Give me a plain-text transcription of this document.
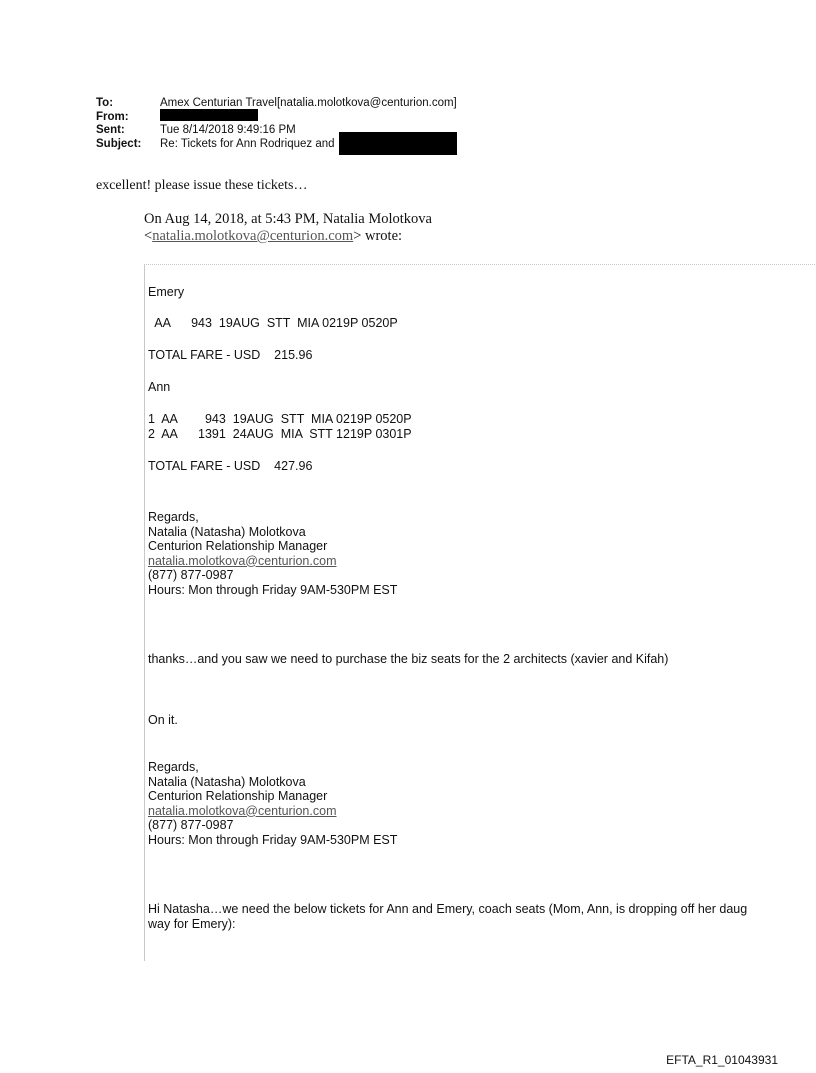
To:	Amex Centurian Travel[natalia.molotkova@centurion.com]
From:
Sent:	Tue 8/14/2018 9:49:16 PM
Subject:	Re: Tickets for Ann Rodriquez and
excellent! please issue these tickets…
On Aug 14, 2018, at 5:43 PM, Natalia Molotkova
<natalia.molotkova@centurion.com> wrote:
Emery
AA      943  19AUG  STT  MIA 0219P 0520P
TOTAL FARE - USD    215.96
Ann
1  AA        943  19AUG  STT  MIA 0219P 0520P
2  AA      1391  24AUG  MIA  STT 1219P 0301P
TOTAL FARE - USD    427.96
Regards,
Natalia (Natasha) Molotkova
Centurion Relationship Manager
natalia.molotkova@centurion.com
(877) 877-0987
Hours: Mon through Friday 9AM-530PM EST
thanks…and you saw we need to purchase the biz seats for the 2 architects (xavier and Kifah)
On it.
Regards,
Natalia (Natasha) Molotkova
Centurion Relationship Manager
natalia.molotkova@centurion.com
(877) 877-0987
Hours: Mon through Friday 9AM-530PM EST
Hi Natasha…we need the below tickets for Ann and Emery, coach seats (Mom, Ann, is dropping off her daug
way for Emery):
EFTA_R1_01043931
